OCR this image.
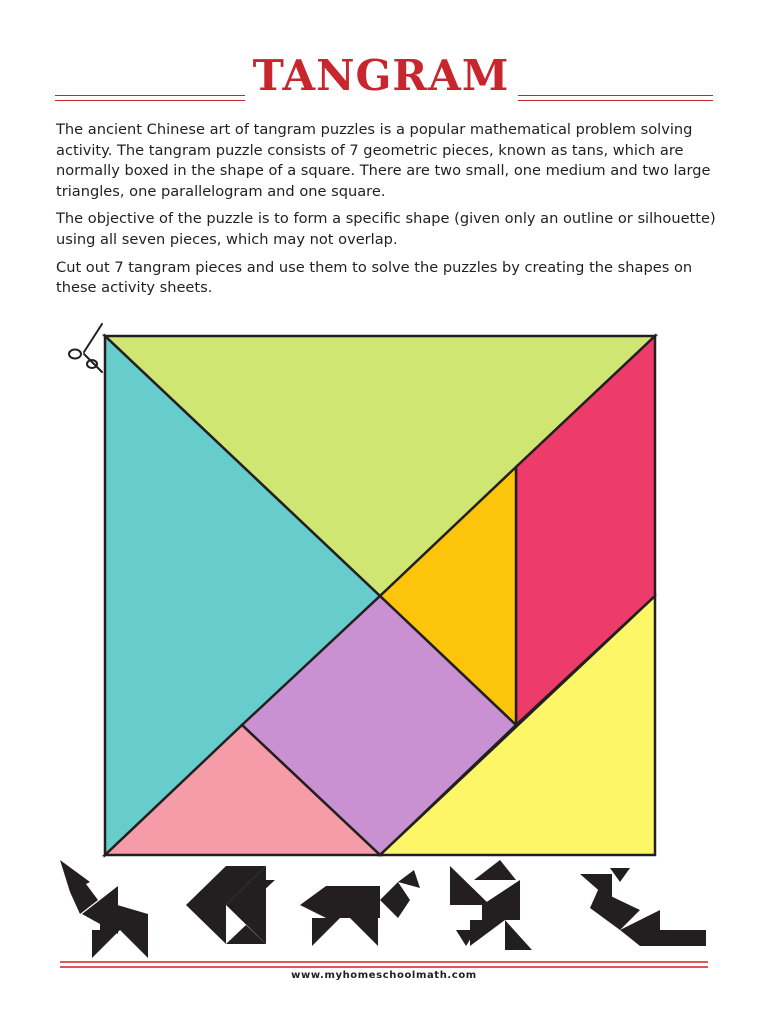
TANGRAM

The ancient Chinese art of tangram puzzles is a popular mathematical problem solving activity. The tangram puzzle consists of 7 geometric pieces, known as tans, which are normally boxed in the shape of a square. There are two small, one medium and two large triangles, one parallelogram and one square.

The objective of the puzzle is to form a specific shape (given only an outline or silhouette) using all seven pieces, which may not overlap.

Cut out 7 tangram pieces and use them to solve the puzzles by creating the shapes on these activity sheets.

www.myhomeschoolmath.com
